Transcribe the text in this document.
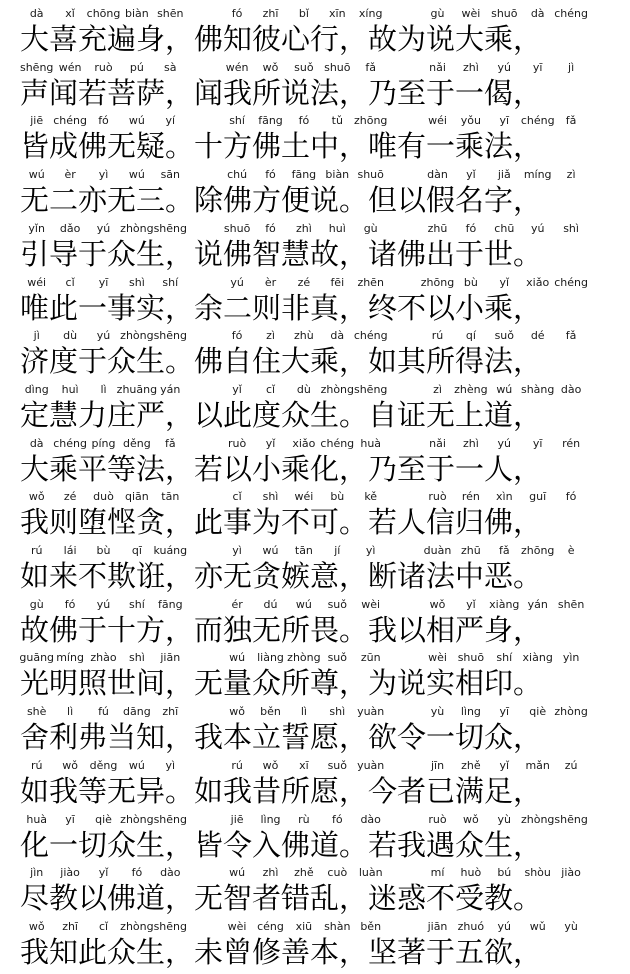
dà	xǐ	chōng biàn shēn	fó	zhī	bǐ	xīn	xíng	gù	wèi shuō	dà chéng
大喜充遍身，佛知彼心行，故为说大乘，
shēng wén	ruò	pú	sà	wén	wǒ	suǒ shuō	fǎ	nǎi	zhì	yú	yī	jì
声闻若菩萨，闻我所说法，乃至于一偈，
jiē chéng	fó	wú	yí	shí	fāng	fó	tǔ	zhōng	wéi	yǒu	yī	chéng	fǎ
皆成佛无疑。十方佛土中，唯有一乘法，
wú	èr	yì	wú	sān	chú	fó	fāng biàn shuō	dàn	yǐ	jiǎ	míng	zì
无二亦无三。除佛方便说。但以假名字，
yǐn	dǎo	yú zhòng shēng	shuō	fó	zhì	huì	gù	zhū	fó	chū	yú	shì
引导于众生，说佛智慧故，诸佛出于世。
wéi	cǐ	yī	shì	shí	yú	èr	zé	fēi	zhēn	zhōng bù	yǐ	xiǎo chéng
唯此一事实，余二则非真，终不以小乘，
jì	dù	yú zhòng shēng	fó	zì	zhù	dà chéng	rú	qí	suǒ	dé	fǎ
济度于众生。佛自住大乘，如其所得法，
dìng	huì	lì zhuāng yán	yǐ	cǐ	dù zhòng shēng	zì	zhèng wú shàng dào
定慧力庄严，以此度众生。自证无上道，
dà chéng píng děng	fǎ	ruò	yǐ	xiǎo chéng huà	nǎi	zhì	yú	yī	rén
大乘平等法，若以小乘化，乃至于一人，
wǒ	zé	duò	qiān	tān	cǐ	shì	wéi	bù	kě	ruò	rén	xìn	guī	fó
我则堕悭贪，此事为不可。若人信归佛，
rú	lái	bù	qī	kuáng	yì	wú	tān	jí	yì	duàn zhū	fǎ	zhōng	è
如来不欺诳，亦无贪嫉意，断诸法中恶。
gù	fó	yú	shí	fāng	ér	dú	wú	suǒ	wèi	wǒ	yǐ	xiàng yán shēn
故佛于十方，而独无所畏。我以相严身，
guāng míng zhào	shì	jiān	wú	liàng zhòng suǒ	zūn	wèi shuō	shí xiàng yìn
光明照世间，无量众所尊，为说实相印。
shè	lì	fú	dāng	zhī	wǒ	běn	lì	shì	yuàn	yù	lìng	yī	qiè zhòng
舍利弗当知，我本立誓愿，欲令一切众，
rú	wǒ	děng	wú	yì	rú	wǒ	xī	suǒ yuàn	jīn	zhě	yǐ	mǎn	zú
如我等无异。如我昔所愿，今者已满足，
huà	yī	qiè zhòng shēng	jiē	lìng	rù	fó	dào	ruò	wǒ	yù zhòng shēng
化一切众生，皆令入佛道。若我遇众生，
jìn	jiào	yǐ	fó	dào	wú	zhì	zhě	cuò	luàn	mí	huò	bú	shòu jiào
尽教以佛道，无智者错乱，迷惑不受教。
wǒ	zhī	cǐ	zhòng shēng	wèi céng	xiū	shàn běn	jiān zhuó	yú	wǔ	yù
我知此众生，未曾修善本，坚著于五欲，
